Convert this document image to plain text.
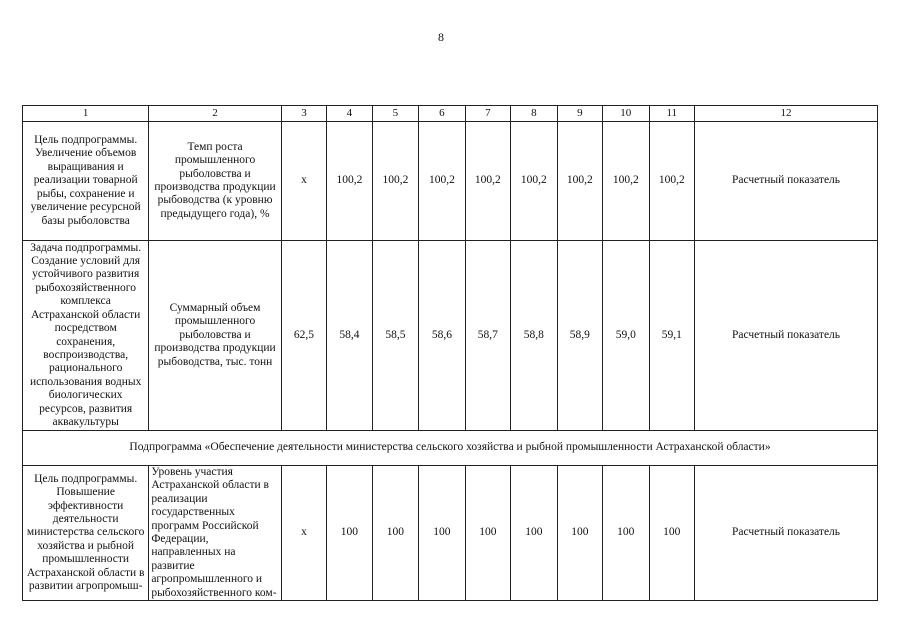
8
1	2	3	4	5	6	7	8	9	10	11	12
Цель подпрограммы. Увеличение объемов выращивания и реализации товарной рыбы, сохранение и увеличение ресурсной базы рыболовства	Темп роста промышленного рыболовства и производства продукции рыбоводства (к уровню предыдущего года), %	x	100,2	100,2	100,2	100,2	100,2	100,2	100,2	100,2	Расчетный показатель
Задача подпрограммы. Создание условий для устойчивого развития рыбохозяйственного комплекса Астраханской области посредством сохранения, воспроизводства, рационального использования водных биологических ресурсов, развития аквакультуры	Суммарный объем промышленного рыболовства и производства продукции рыбоводства, тыс. тонн	62,5	58,4	58,5	58,6	58,7	58,8	58,9	59,0	59,1	Расчетный показатель
Подпрограмма «Обеспечение деятельности министерства сельского хозяйства и рыбной промышленности Астраханской области»											
Цель подпрограммы. Повышение эффективности деятельности министерства сельского хозяйства и рыбной промышленности Астраханской области в развитии агропромыш-	Уровень участия Астраханской области в реализации государственных программ Российской Федерации, направленных на развитие агропромышленного и рыбохозяйственного ком-	x	100	100	100	100	100	100	100	100	Расчетный показатель
